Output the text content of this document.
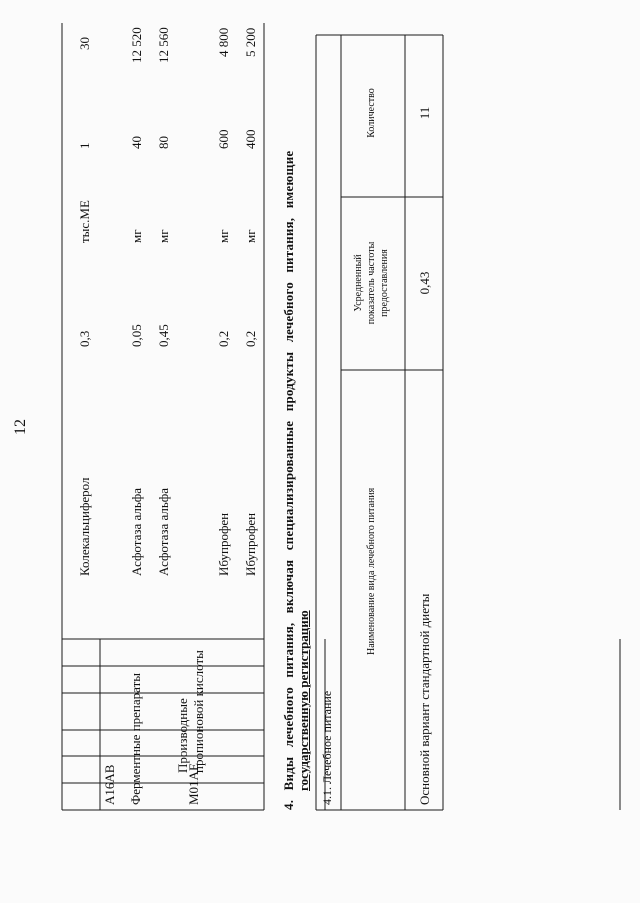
12
Колекальциферол
0,3
тыс.МЕ
1
30
A16AB Ферментные препараты
Асфотаза альфа
0,05
мг
40
12 520
Асфотаза альфа
0,45
мг
80
12 560
M01AE
Производные пропионовой кислоты
Ибупрофен
0,2
мг
600
4 800
Ибупрофен
0,2
мг
400
5 200
4. Виды лечебного питания, включая специализированные продукты лечебного питания, имеющие государственную регистрацию 4.1. Лечебное питание
Наименование вида лечебного питания
Усредненный показатель частоты предоставления
Количество
Основной вариант стандартной диеты
0,43
11
